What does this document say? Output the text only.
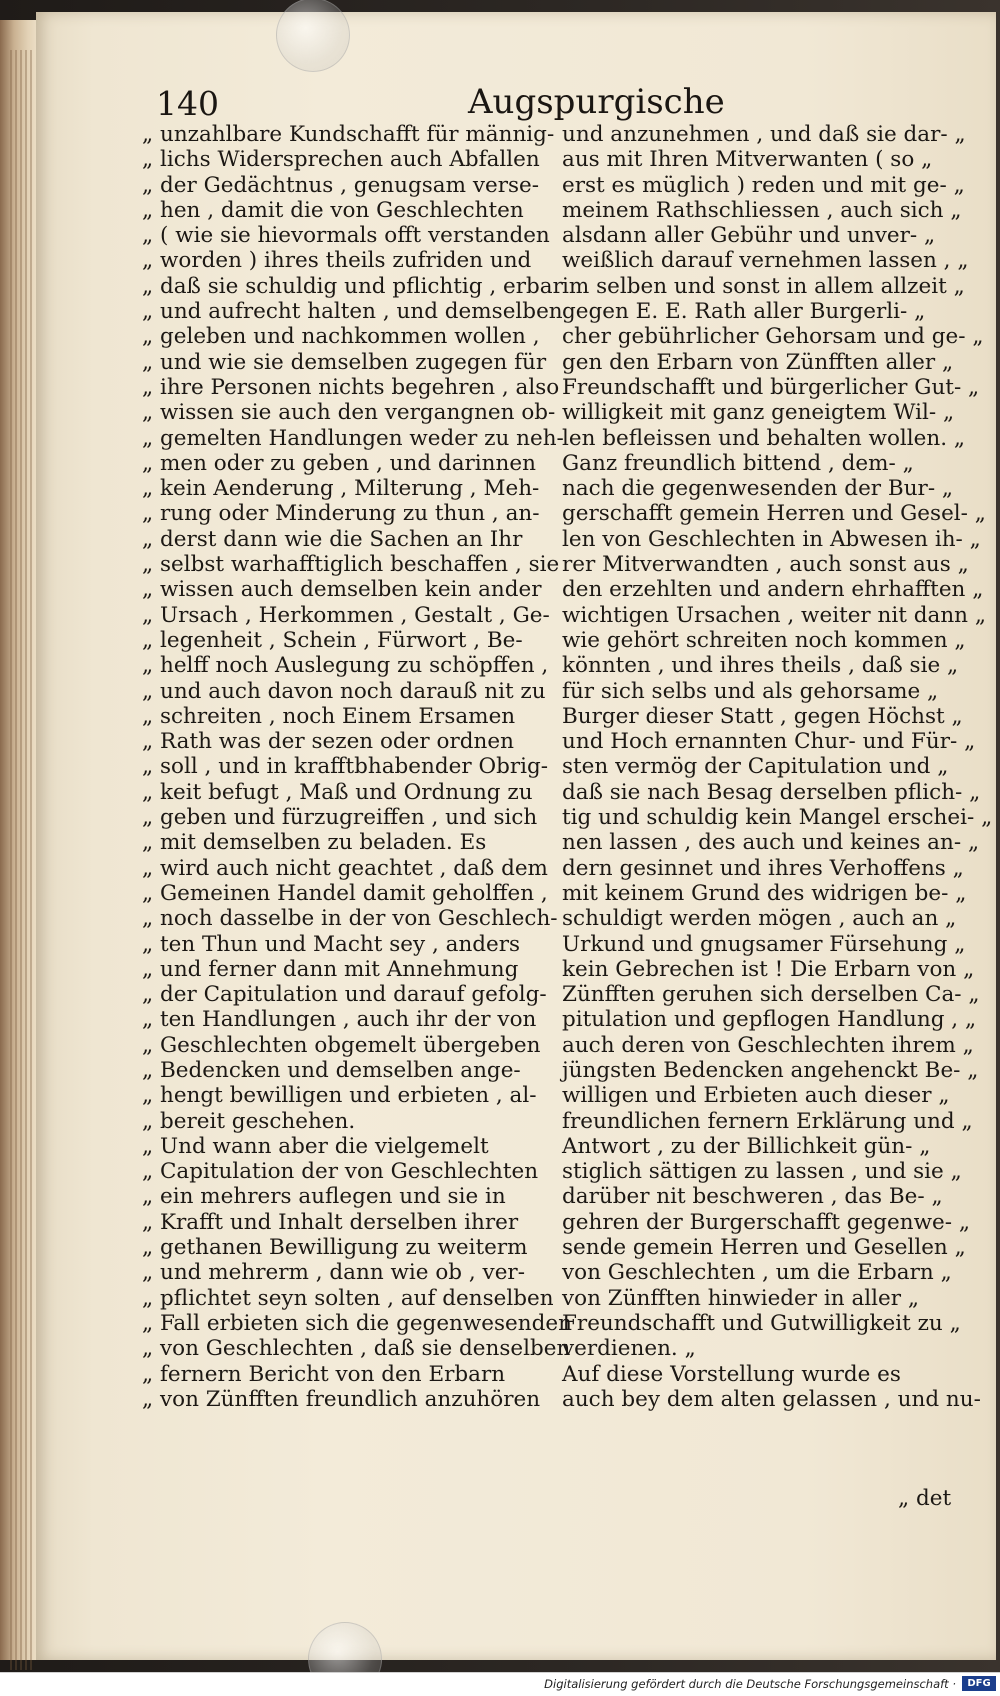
140	Augspurgische
„ unzahlbare Kundschafft für männig-
„ lichs Widersprechen auch Abfallen
„ der Gedächtnus , genugsam verse-
„ hen , damit die von Geschlechten
„ ( wie sie hievormals offt verstanden
„ worden ) ihres theils zufriden und
„ daß sie schuldig und pflichtig , erbar
„ und aufrecht halten , und demselben
„ geleben und nachkommen wollen ,
„ und wie sie demselben zugegen für
„ ihre Personen nichts begehren , also
„ wissen sie auch den vergangnen ob-
„ gemelten Handlungen weder zu neh-
„ men oder zu geben , und darinnen
„ kein Aenderung , Milterung , Meh-
„ rung oder Minderung zu thun , an-
„ derst dann wie die Sachen an Ihr
„ selbst warhafftiglich beschaffen , sie
„ wissen auch demselben kein ander
„ Ursach , Herkommen , Gestalt , Ge-
„ legenheit , Schein , Fürwort , Be-
„ helff noch Auslegung zu schöpffen ,
„ und auch davon noch darauß nit zu
„ schreiten , noch Einem Ersamen
„ Rath was der sezen oder ordnen
„ soll , und in krafftbhabender Obrig-
„ keit befugt , Maß und Ordnung zu
„ geben und fürzugreiffen , und sich
„ mit demselben zu beladen. Es
„ wird auch nicht geachtet , daß dem
„ Gemeinen Handel damit geholffen ,
„ noch dasselbe in der von Geschlech-
„ ten Thun und Macht sey , anders
„ und ferner dann mit Annehmung
„ der Capitulation und darauf gefolg-
„ ten Handlungen , auch ihr der von
„ Geschlechten obgemelt übergeben
„ Bedencken und demselben ange-
„ hengt bewilligen und erbieten , al-
„ bereit geschehen.
„ Und wann aber die vielgemelt
„ Capitulation der von Geschlechten
„ ein mehrers auflegen und sie in
„ Krafft und Inhalt derselben ihrer
„ gethanen Bewilligung zu weiterm
„ und mehrerm , dann wie ob , ver-
„ pflichtet seyn solten , auf denselben
„ Fall erbieten sich die gegenwesenden
„ von Geschlechten , daß sie denselben
„ fernern Bericht von den Erbarn
„ von Zünfften freundlich anzuhören
und anzunehmen , und daß sie dar- „
aus mit Ihren Mitverwanten ( so „
erst es müglich ) reden und mit ge- „
meinem Rathschliessen , auch sich „
alsdann aller Gebühr und unver- „
weißlich darauf vernehmen lassen , „
im selben und sonst in allem allzeit „
gegen E. E. Rath aller Burgerli- „
cher gebührlicher Gehorsam und ge- „
gen den Erbarn von Zünfften aller „
Freundschafft und bürgerlicher Gut- „
willigkeit mit ganz geneigtem Wil- „
len befleissen und behalten wollen. „
Ganz freundlich bittend , dem- „
nach die gegenwesenden der Bur- „
gerschafft gemein Herren und Gesel- „
len von Geschlechten in Abwesen ih- „
rer Mitverwandten , auch sonst aus „
den erzehlten und andern ehrhafften „
wichtigen Ursachen , weiter nit dann „
wie gehört schreiten noch kommen „
könnten , und ihres theils , daß sie „
für sich selbs und als gehorsame „
Burger dieser Statt , gegen Höchst „
und Hoch ernannten Chur- und Für- „
sten vermög der Capitulation und „
daß sie nach Besag derselben pflich- „
tig und schuldig kein Mangel erschei- „
nen lassen , des auch und keines an- „
dern gesinnet und ihres Verhoffens „
mit keinem Grund des widrigen be- „
schuldigt werden mögen , auch an „
Urkund und gnugsamer Fürsehung „
kein Gebrechen ist ! Die Erbarn von „
Zünfften geruhen sich derselben Ca- „
pitulation und gepflogen Handlung , „
auch deren von Geschlechten ihrem „
jüngsten Bedencken angehenckt Be- „
willigen und Erbieten auch dieser „
freundlichen fernern Erklärung und „
Antwort , zu der Billichkeit gün- „
stiglich sättigen zu lassen , und sie „
darüber nit beschweren , das Be- „
gehren der Burgerschafft gegenwe- „
sende gemein Herren und Gesellen „
von Geschlechten , um die Erbarn „
von Zünfften hinwieder in aller „
Freundschafft und Gutwilligkeit zu „
verdienen. „
Auf diese Vorstellung wurde es
auch bey dem alten gelassen , und nu-
„ det
Digitalisierung gefördert durch die Deutsche Forschungsgemeinschaft ·	DFG
